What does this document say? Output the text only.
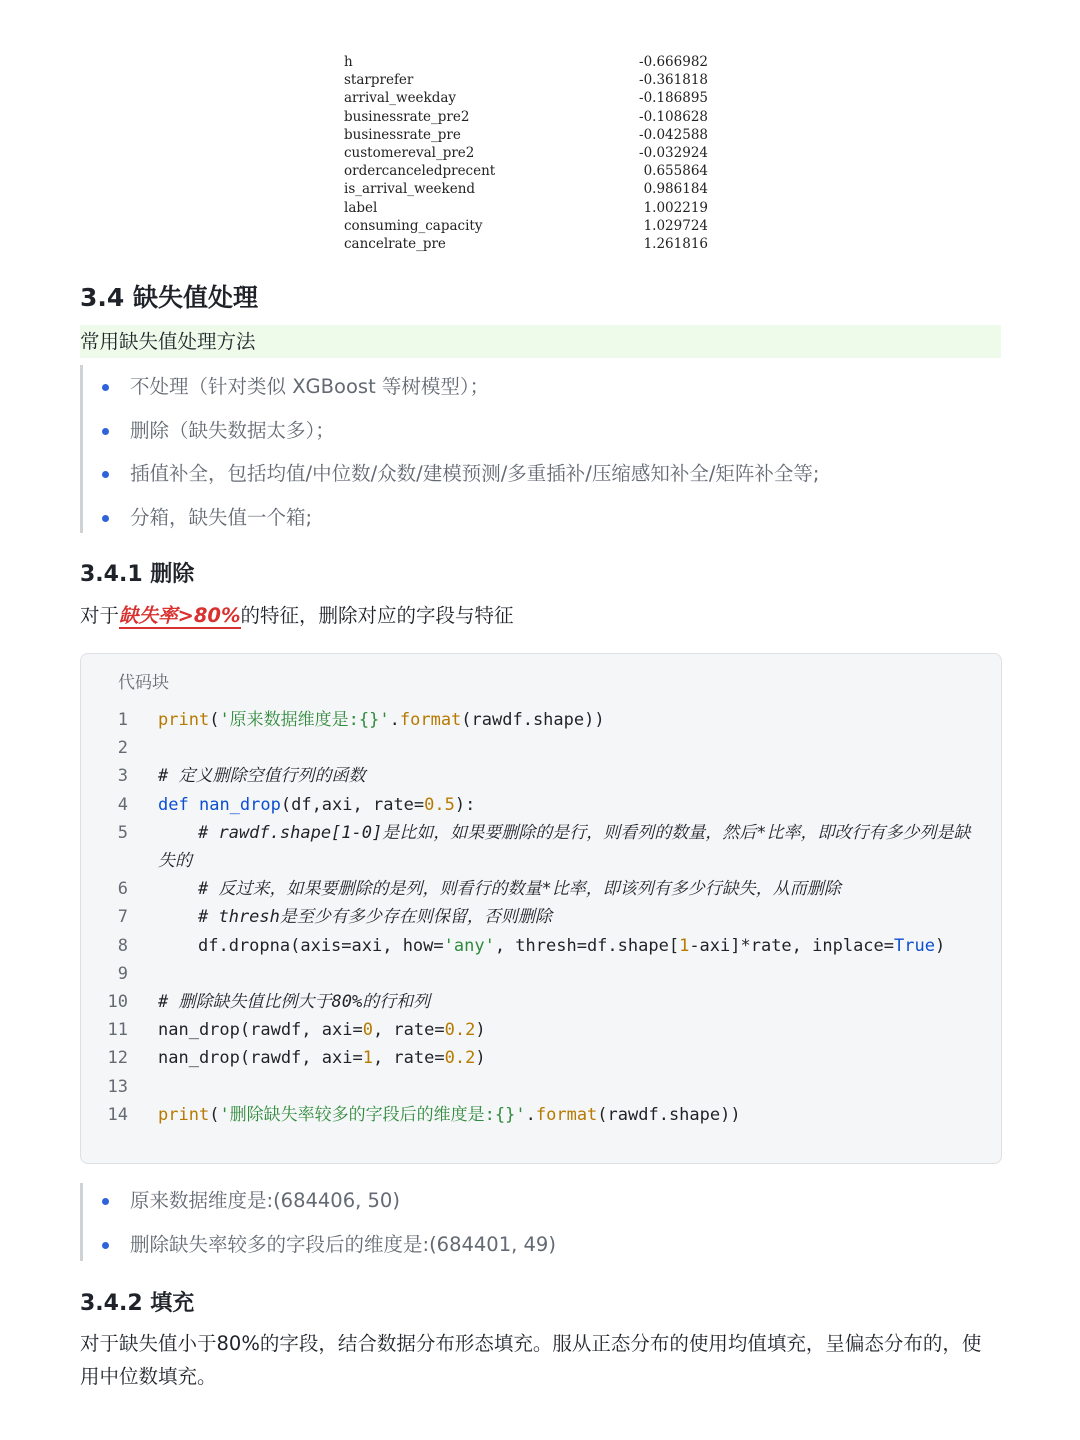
h	-0.666982
starprefer	-0.361818
arrival_weekday	-0.186895
businessrate_pre2	-0.108628
businessrate_pre	-0.042588
customereval_pre2	-0.032924
ordercanceledprecent	0.655864
is_arrival_weekend	0.986184
label	1.002219
consuming_capacity	1.029724
cancelrate_pre	1.261816
3.4 缺失值处理
常用缺失值处理方法
不处理（针对类似 XGBoost 等树模型）；
删除（缺失数据太多）；
插值补全，包括均值/中位数/众数/建模预测/多重插补/压缩感知补全/矩阵补全等;
分箱，缺失值一个箱;
3.4.1 删除
对于缺失率>80%的特征，删除对应的字段与特征
代码块
1	print('原来数据维度是:{}'.format(rawdf.shape))
2

3	# 定义删除空值行列的函数
4	def nan_drop(df,axi, rate=0.5):
5	# rawdf.shape[1-0]是比如，如果要删除的是行，则看列的数量，然后*比率，即改行有多少列是缺失的
6	# 反过来，如果要删除的是列，则看行的数量*比率，即该列有多少行缺失，从而删除
7	# thresh是至少有多少存在则保留，否则删除
8	df.dropna(axis=axi, how='any', thresh=df.shape[1-axi]*rate, inplace=True)
9

10	# 删除缺失值比例大于80%的行和列
11	nan_drop(rawdf, axi=0, rate=0.2)
12	nan_drop(rawdf, axi=1, rate=0.2)
13

14	print('删除缺失率较多的字段后的维度是:{}'.format(rawdf.shape))
原来数据维度是:(684406, 50)
删除缺失率较多的字段后的维度是:(684401, 49)
3.4.2 填充
对于缺失值小于80%的字段，结合数据分布形态填充。服从正态分布的使用均值填充，呈偏态分布的，使用中位数填充。
